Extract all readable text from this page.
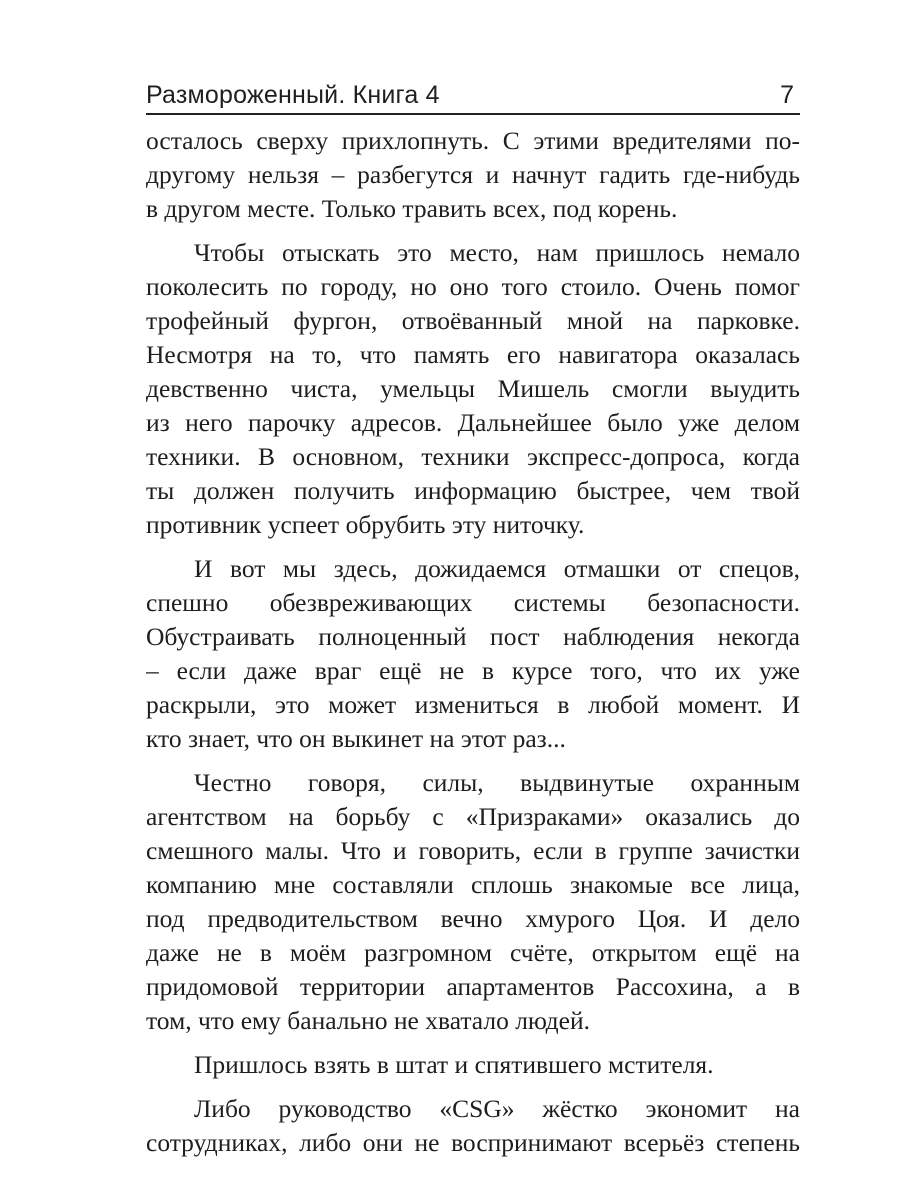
Размороженный. Книга 4	7
осталось сверху прихлопнуть. С этими вредителями по-
другому нельзя – разбегутся и начнут гадить где-нибудь
в другом месте. Только травить всех, под корень.
Чтобы отыскать это место, нам пришлось немало
поколесить по городу, но оно того стоило. Очень помог
трофейный фургон, отвоёванный мной на парковке.
Несмотря на то, что память его навигатора оказалась
девственно чиста, умельцы Мишель смогли выудить
из него парочку адресов. Дальнейшее было уже делом
техники. В основном, техники экспресс-допроса, когда
ты должен получить информацию быстрее, чем твой
противник успеет обрубить эту ниточку.
И вот мы здесь, дожидаемся отмашки от спецов,
спешно обезвреживающих системы безопасности.
Обустраивать полноценный пост наблюдения некогда
– если даже враг ещё не в курсе того, что их уже
раскрыли, это может измениться в любой момент. И
кто знает, что он выкинет на этот раз...
Честно говоря, силы, выдвинутые охранным
агентством на борьбу с «Призраками» оказались до
смешного малы. Что и говорить, если в группе зачистки
компанию мне составляли сплошь знакомые все лица,
под предводительством вечно хмурого Цоя. И дело
даже не в моём разгромном счёте, открытом ещё на
придомовой территории апартаментов Рассохина, а в
том, что ему банально не хватало людей.
Пришлось взять в штат и спятившего мстителя.
Либо руководство «CSG» жёстко экономит на
сотрудниках, либо они не воспринимают всерьёз степень
